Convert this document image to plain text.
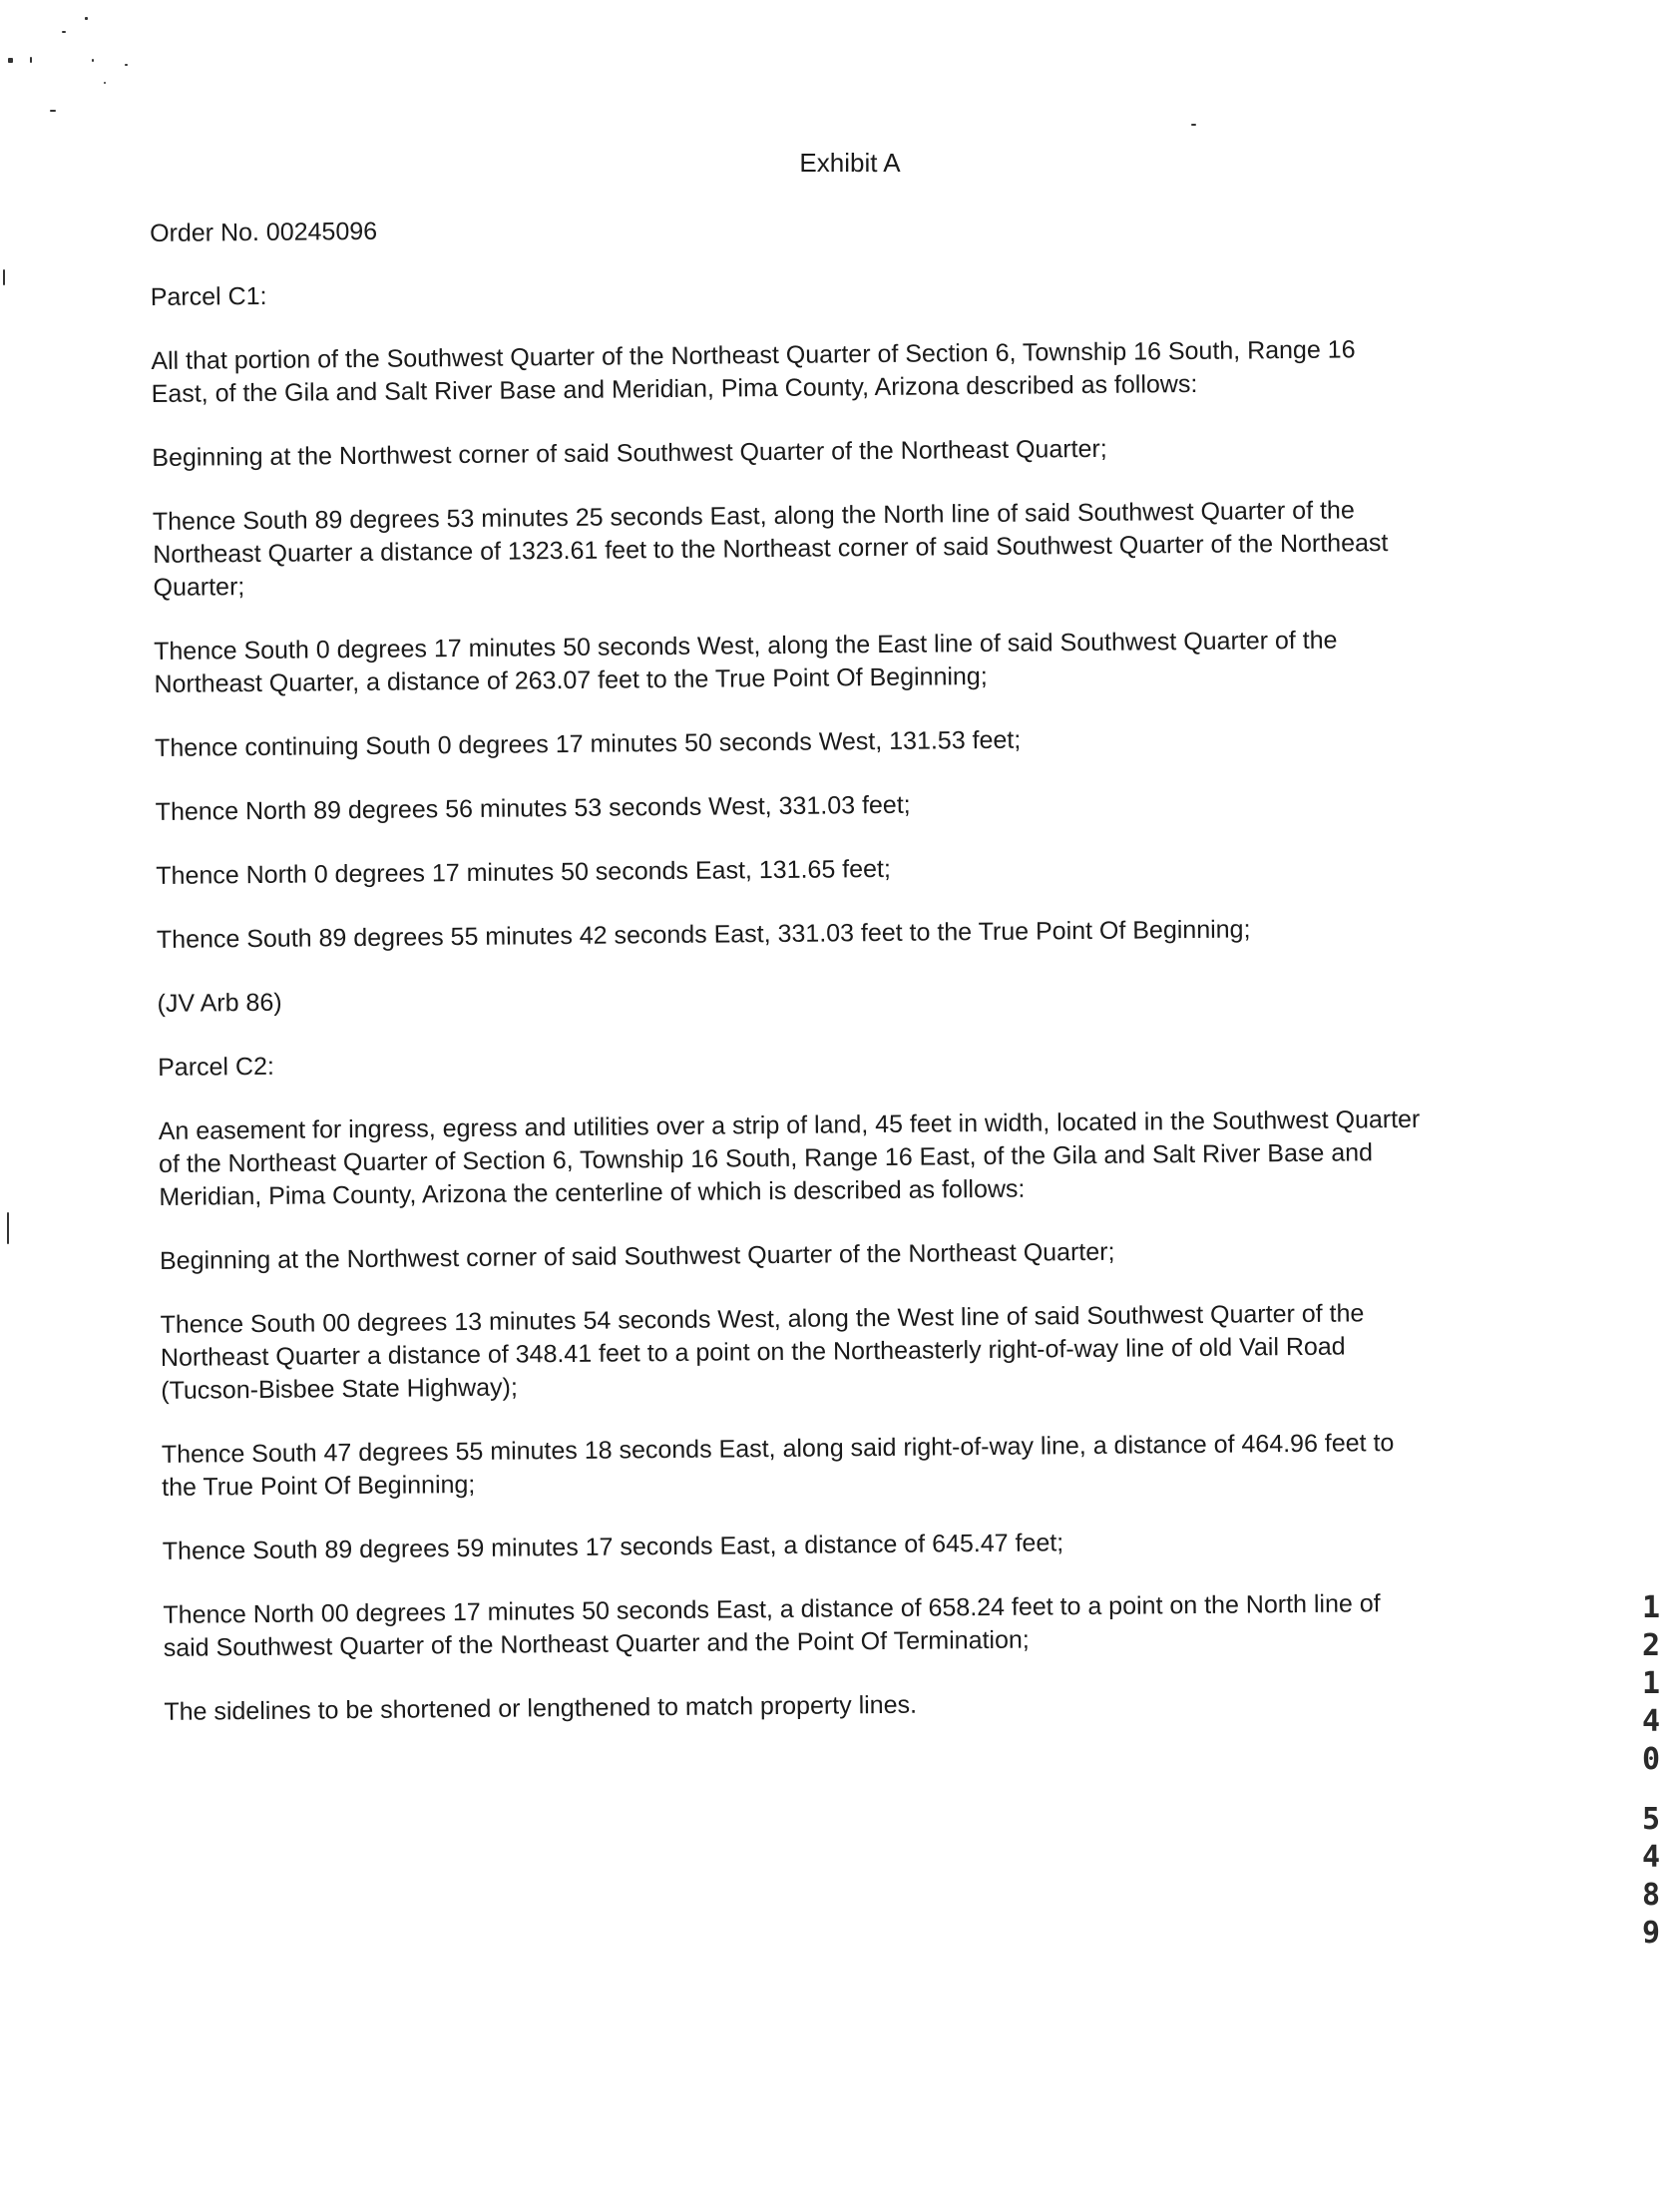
Exhibit A

Order No. 00245096

Parcel C1:

All that portion of the Southwest Quarter of the Northeast Quarter of Section 6, Township 16 South, Range 16
East, of the Gila and Salt River Base and Meridian, Pima County, Arizona described as follows:

Beginning at the Northwest corner of said Southwest Quarter of the Northeast Quarter;

Thence South 89 degrees 53 minutes 25 seconds East, along the North line of said Southwest Quarter of the
Northeast Quarter a distance of 1323.61 feet to the Northeast corner of said Southwest Quarter of the Northeast
Quarter;

Thence South 0 degrees 17 minutes 50 seconds West, along the East line of said Southwest Quarter of the
Northeast Quarter, a distance of 263.07 feet to the True Point Of Beginning;

Thence continuing South 0 degrees 17 minutes 50 seconds West, 131.53 feet;

Thence North 89 degrees 56 minutes 53 seconds West, 331.03 feet;

Thence North 0 degrees 17 minutes 50 seconds East, 131.65 feet;

Thence South 89 degrees 55 minutes 42 seconds East, 331.03 feet to the True Point Of Beginning;

(JV Arb 86)

Parcel C2:

An easement for ingress, egress and utilities over a strip of land, 45 feet in width, located in the Southwest Quarter
of the Northeast Quarter of Section 6, Township 16 South, Range 16 East, of the Gila and Salt River Base and
Meridian, Pima County, Arizona the centerline of which is described as follows:

Beginning at the Northwest corner of said Southwest Quarter of the Northeast Quarter;

Thence South 00 degrees 13 minutes 54 seconds West, along the West line of said Southwest Quarter of the
Northeast Quarter a distance of 348.41 feet to a point on the Northeasterly right-of-way line of old Vail Road
(Tucson-Bisbee State Highway);

Thence South 47 degrees 55 minutes 18 seconds East, along said right-of-way line, a distance of 464.96 feet to
the True Point Of Beginning;

Thence South 89 degrees 59 minutes 17 seconds East, a distance of 645.47 feet;

Thence North 00 degrees 17 minutes 50 seconds East, a distance of 658.24 feet to a point on the North line of
said Southwest Quarter of the Northeast Quarter and the Point Of Termination;

The sidelines to be shortened or lengthened to match property lines.

1
2
1
4
0
5
4
8
9
